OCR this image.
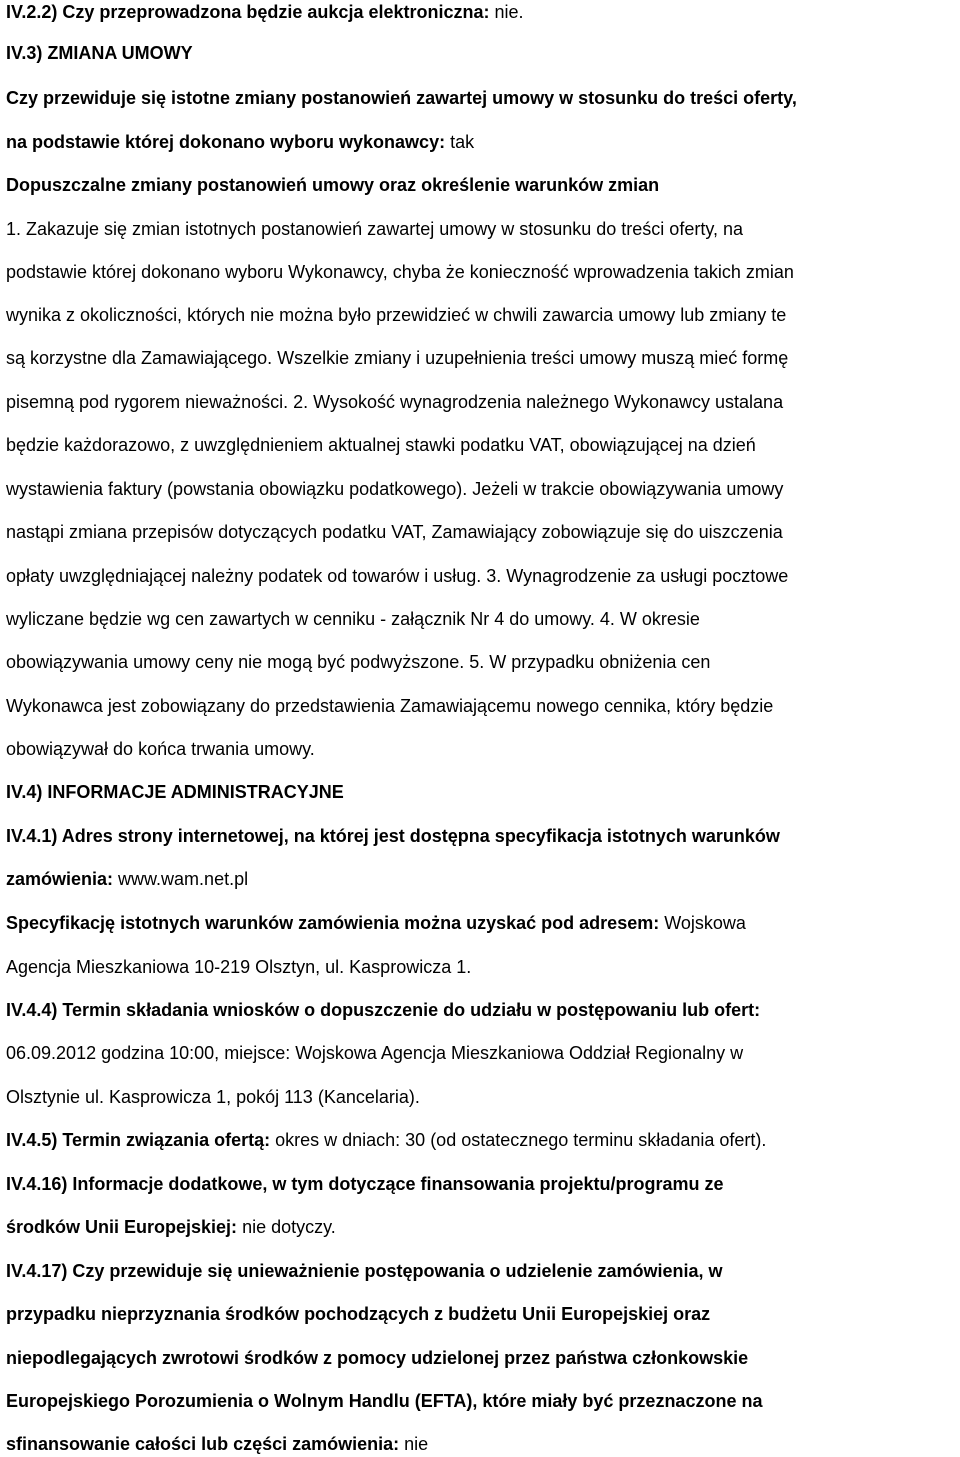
IV.2.2) Czy przeprowadzona będzie aukcja elektroniczna: nie.
IV.3) ZMIANA UMOWY
Czy przewiduje się istotne zmiany postanowień zawartej umowy w stosunku do treści oferty,
na podstawie której dokonano wyboru wykonawcy: tak
Dopuszczalne zmiany postanowień umowy oraz określenie warunków zmian
1. Zakazuje się zmian istotnych postanowień zawartej umowy w stosunku do treści oferty, na
podstawie której dokonano wyboru Wykonawcy, chyba że konieczność wprowadzenia takich zmian
wynika z okoliczności, których nie można było przewidzieć w chwili zawarcia umowy lub zmiany te
są korzystne dla Zamawiającego. Wszelkie zmiany i uzupełnienia treści umowy muszą mieć formę
pisemną pod rygorem nieważności. 2. Wysokość wynagrodzenia należnego Wykonawcy ustalana
będzie każdorazowo, z uwzględnieniem aktualnej stawki podatku VAT, obowiązującej na dzień
wystawienia faktury (powstania obowiązku podatkowego). Jeżeli w trakcie obowiązywania umowy
nastąpi zmiana przepisów dotyczących podatku VAT, Zamawiający zobowiązuje się do uiszczenia
opłaty uwzględniającej należny podatek od towarów i usług. 3. Wynagrodzenie za usługi pocztowe
wyliczane będzie wg cen zawartych w cenniku - załącznik Nr 4 do umowy. 4. W okresie
obowiązywania umowy ceny nie mogą być podwyższone. 5. W przypadku obniżenia cen
Wykonawca jest zobowiązany do przedstawienia Zamawiającemu nowego cennika, który będzie
obowiązywał do końca trwania umowy.
IV.4) INFORMACJE ADMINISTRACYJNE
IV.4.1) Adres strony internetowej, na której jest dostępna specyfikacja istotnych warunków
zamówienia: www.wam.net.pl
Specyfikację istotnych warunków zamówienia można uzyskać pod adresem: Wojskowa
Agencja Mieszkaniowa 10-219 Olsztyn, ul. Kasprowicza 1.
IV.4.4) Termin składania wniosków o dopuszczenie do udziału w postępowaniu lub ofert:
06.09.2012 godzina 10:00, miejsce: Wojskowa Agencja Mieszkaniowa Oddział Regionalny w
Olsztynie ul. Kasprowicza 1, pokój 113 (Kancelaria).
IV.4.5) Termin związania ofertą: okres w dniach: 30 (od ostatecznego terminu składania ofert).
IV.4.16) Informacje dodatkowe, w tym dotyczące finansowania projektu/programu ze
środków Unii Europejskiej: nie dotyczy.
IV.4.17) Czy przewiduje się unieważnienie postępowania o udzielenie zamówienia, w
przypadku nieprzyznania środków pochodzących z budżetu Unii Europejskiej oraz
niepodlegających zwrotowi środków z pomocy udzielonej przez państwa członkowskie
Europejskiego Porozumienia o Wolnym Handlu (EFTA), które miały być przeznaczone na
sfinansowanie całości lub części zamówienia: nie
